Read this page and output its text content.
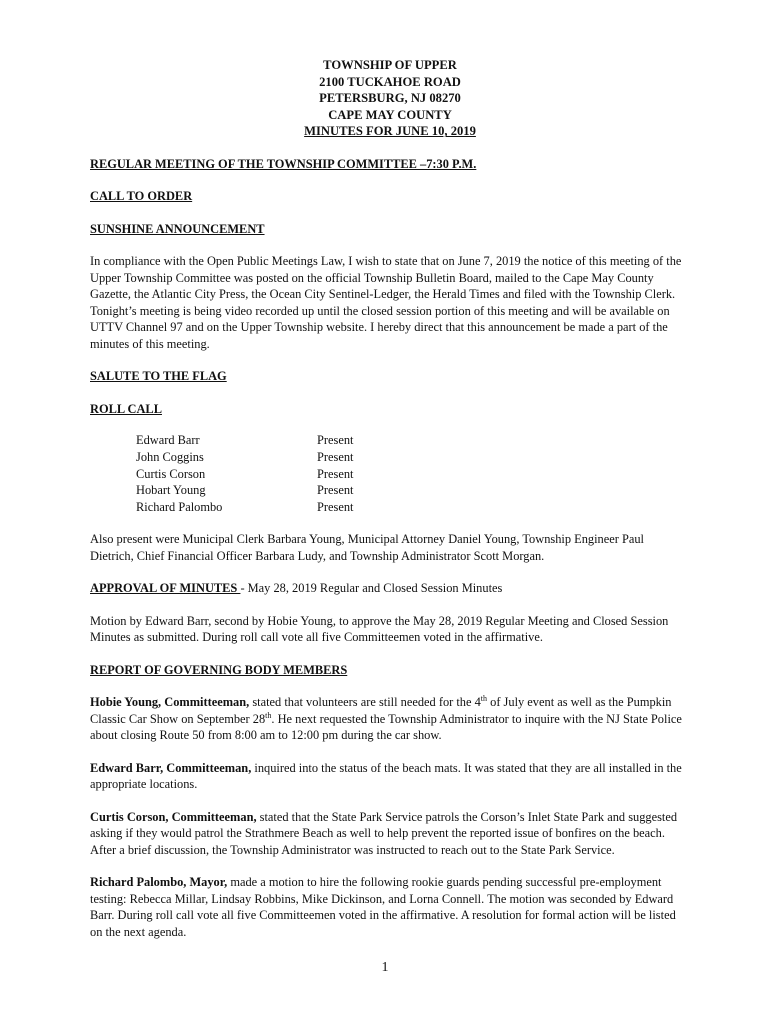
TOWNSHIP OF UPPER
2100 TUCKAHOE ROAD
PETERSBURG, NJ 08270
CAPE MAY COUNTY
MINUTES FOR JUNE 10, 2019

REGULAR MEETING OF THE TOWNSHIP COMMITTEE –7:30 P.M.

CALL TO ORDER

SUNSHINE ANNOUNCEMENT

In compliance with the Open Public Meetings Law, I wish to state that on June 7, 2019 the notice of this meeting of the Upper Township Committee was posted on the official Township Bulletin Board, mailed to the Cape May County Gazette, the Atlantic City Press, the Ocean City Sentinel-Ledger, the Herald Times and filed with the Township Clerk. Tonight’s meeting is being video recorded up until the closed session portion of this meeting and will be available on UTTV Channel 97 and on the Upper Township website. I hereby direct that this announcement be made a part of the minutes of this meeting.

SALUTE TO THE FLAG

ROLL CALL

Edward Barr	Present
John Coggins	Present
Curtis Corson	Present
Hobart Young	Present
Richard Palombo	Present

Also present were Municipal Clerk Barbara Young, Municipal Attorney Daniel Young, Township Engineer Paul Dietrich, Chief Financial Officer Barbara Ludy, and Township Administrator Scott Morgan.

APPROVAL OF MINUTES - May 28, 2019 Regular and Closed Session Minutes

Motion by Edward Barr, second by Hobie Young, to approve the May 28, 2019 Regular Meeting and Closed Session Minutes as submitted. During roll call vote all five Committeemen voted in the affirmative.

REPORT OF GOVERNING BODY MEMBERS

Hobie Young, Committeeman, stated that volunteers are still needed for the 4th of July event as well as the Pumpkin Classic Car Show on September 28th. He next requested the Township Administrator to inquire with the NJ State Police about closing Route 50 from 8:00 am to 12:00 pm during the car show.

Edward Barr, Committeeman, inquired into the status of the beach mats. It was stated that they are all installed in the appropriate locations.

Curtis Corson, Committeeman, stated that the State Park Service patrols the Corson’s Inlet State Park and suggested asking if they would patrol the Strathmere Beach as well to help prevent the reported issue of bonfires on the beach. After a brief discussion, the Township Administrator was instructed to reach out to the State Park Service.

Richard Palombo, Mayor, made a motion to hire the following rookie guards pending successful pre-employment testing: Rebecca Millar, Lindsay Robbins, Mike Dickinson, and Lorna Connell. The motion was seconded by Edward Barr. During roll call vote all five Committeemen voted in the affirmative. A resolution for formal action will be listed on the next agenda.

1
